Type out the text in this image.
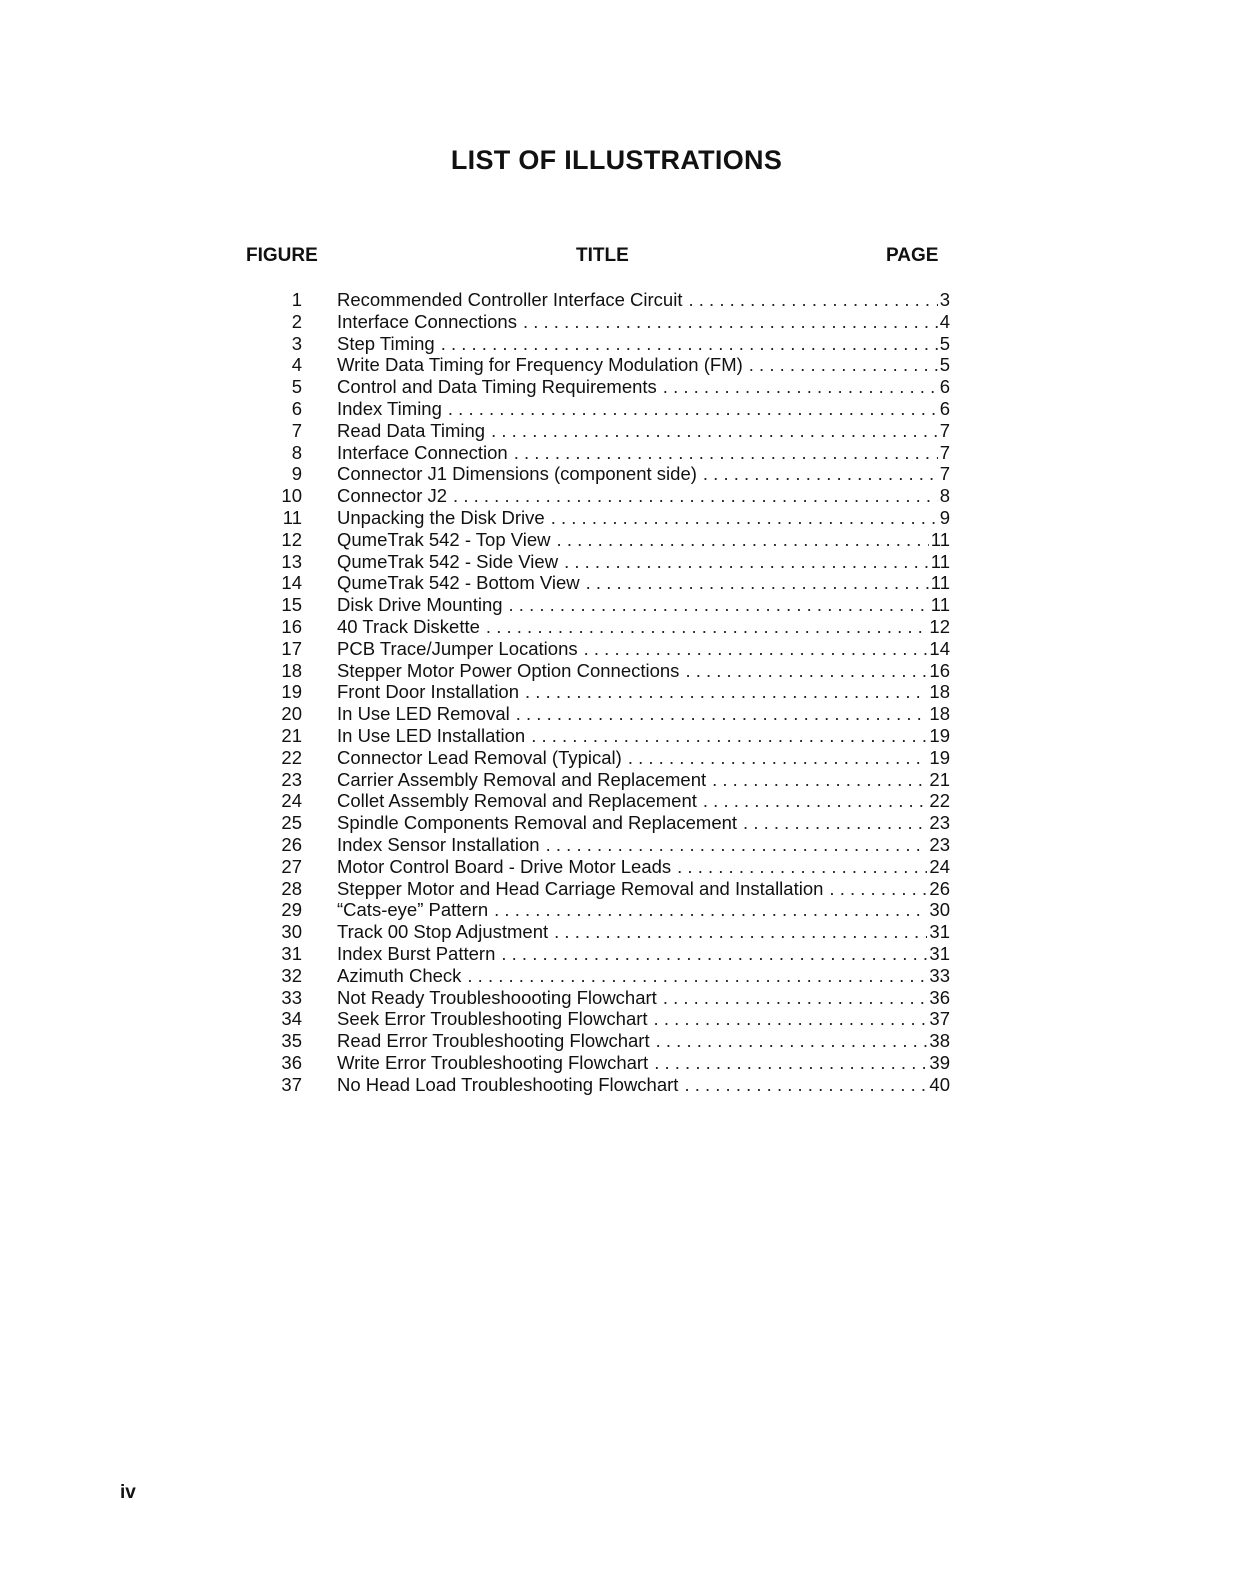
LIST OF ILLUSTRATIONS
FIGURE	TITLE	PAGE
1 Recommended Controller Interface Circuit . . .	3
2 Interface Connections . . .	4
3 Step Timing . . .	5
4 Write Data Timing for Frequency Modulation (FM) . . .	5
5 Control and Data Timing Requirements . . .	6
6 Index Timing . . .	6
7 Read Data Timing . . .	7
8 Interface Connection . . .	7
9 Connector J1 Dimensions (component side) . . .	7
10 Connector J2 . . .	8
11 Unpacking the Disk Drive . . .	9
12 QumeTrak 542 - Top View . . .	11
13 QumeTrak 542 - Side View . . .	11
14 QumeTrak 542 - Bottom View . . .	11
15 Disk Drive Mounting . . .	11
16 40 Track Diskette . . .	12
17 PCB Trace/Jumper Locations . . .	14
18 Stepper Motor Power Option Connections . . .	16
19 Front Door Installation . . .	18
20 In Use LED Removal . . .	18
21 In Use LED Installation . . .	19
22 Connector Lead Removal (Typical) . . .	19
23 Carrier Assembly Removal and Replacement . . .	21
24 Collet Assembly Removal and Replacement . . .	22
25 Spindle Components Removal and Replacement . . .	23
26 Index Sensor Installation . . .	23
27 Motor Control Board - Drive Motor Leads . . .	24
28 Stepper Motor and Head Carriage Removal and Installation . . .	26
29 “Cats-eye” Pattern . . .	30
30 Track 00 Stop Adjustment . . .	31
31 Index Burst Pattern . . .	31
32 Azimuth Check . . .	33
33 Not Ready Troubleshoooting Flowchart . . .	36
34 Seek Error Troubleshooting Flowchart . . .	37
35 Read Error Troubleshooting Flowchart . . .	38
36 Write Error Troubleshooting Flowchart . . .	39
37 No Head Load Troubleshooting Flowchart . . .	40
iv
